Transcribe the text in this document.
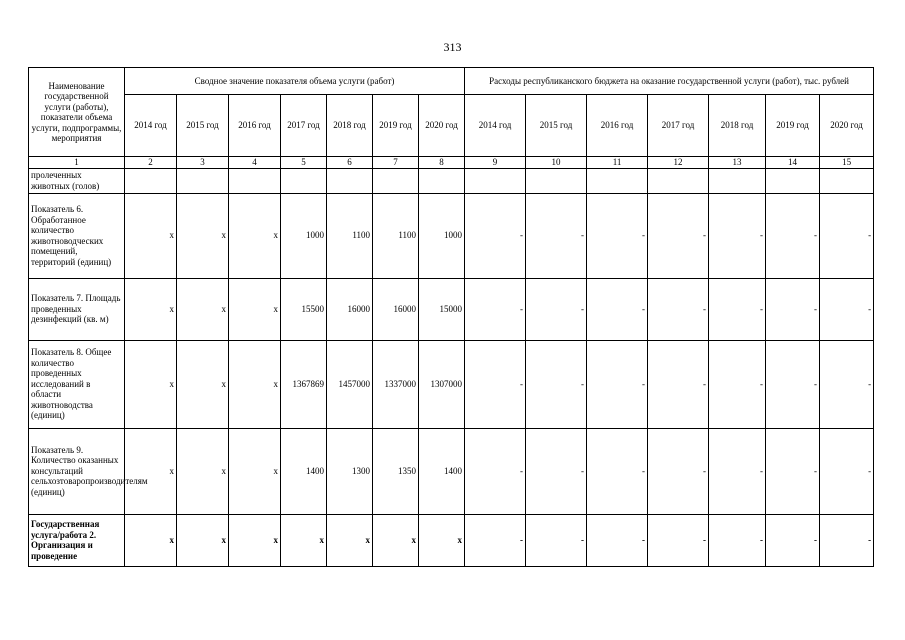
313
Наименование государственной услуги (работы), показатели объема услуги, подпрограммы, мероприятия	Сводное значение показателя объема услуги (работ)							Расходы республиканского бюджета на оказание государственной услуги (работ), тыс. рублей						
	2014 год	2015 год	2016 год	2017 год	2018 год	2019 год	2020 год	2014 год	2015 год	2016 год	2017 год	2018 год	2019 год	2020 год
1	2	3	4	5	6	7	8	9	10	11	12	13	14	15
пролеченных животных (голов)														
Показатель 6. Обработанное количество животноводческих помещений, территорий (единиц)	x	x	x	1000	1100	1100	1000	-	-	-	-	-	-	-
Показатель 7. Площадь проведенных дезинфекций (кв. м)	x	x	x	15500	16000	16000	15000	-	-	-	-	-	-	-
Показатель 8. Общее количество проведенных исследований в области животноводства (единиц)	x	x	x	1367869	1457000	1337000	1307000	-	-	-	-	-	-	-
Показатель 9. Количество оказанных консультаций сельхозтоваропроизводителям (единиц)	x	x	x	1400	1300	1350	1400	-	-	-	-	-	-	-
Государственная услуга/работа 2. Организация и проведение	x	x	x	x	x	x	x	-	-	-	-	-	-	-
